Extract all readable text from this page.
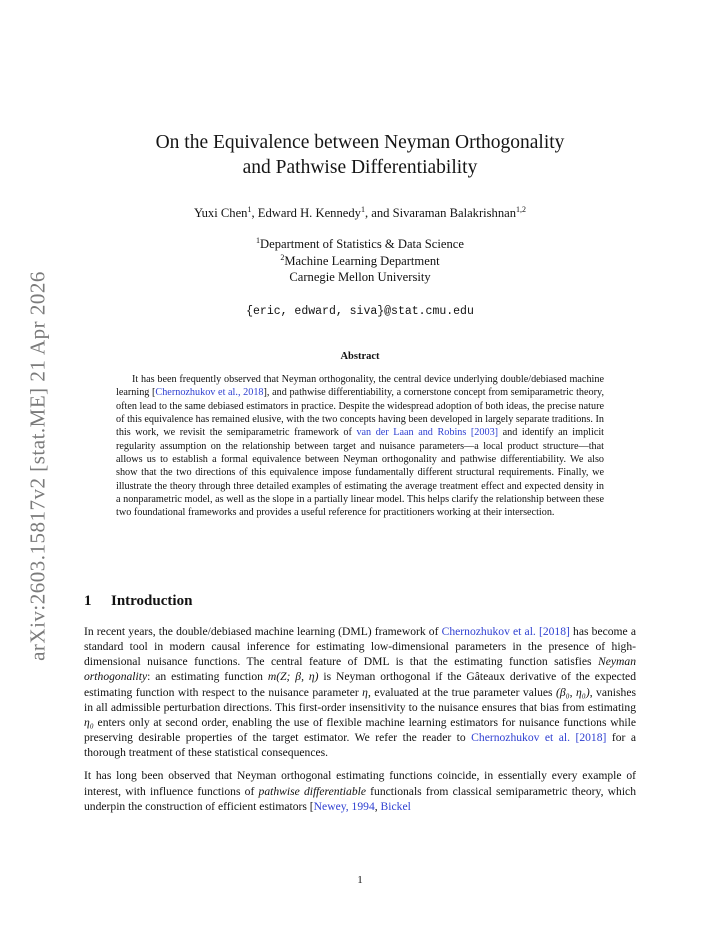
arXiv:2603.15817v2 [stat.ME] 21 Apr 2026
On the Equivalence between Neyman Orthogonality
and Pathwise Differentiability
Yuxi Chen$^1$, Edward H. Kennedy$^1$, and Sivaraman Balakrishnan$^{1,2}$
$^1$Department of Statistics & Data Science
$^2$Machine Learning Department
Carnegie Mellon University
{eric, edward, siva}@stat.cmu.edu
Abstract

It has been frequently observed that Neyman orthogonality, the central device underlying double/debiased machine learning [Chernozhukov et al., 2018], and pathwise differentiability, a cornerstone concept from semiparametric theory, often lead to the same debiased estimators in practice. Despite the widespread adoption of both ideas, the precise nature of this equivalence has remained elusive, with the two concepts having been developed in largely separate traditions. In this work, we revisit the semiparametric framework of van der Laan and Robins [2003] and identify an implicit regularity assumption on the relationship between target and nuisance parameters—a local product structure—that allows us to establish a formal equivalence between Neyman orthogonality and pathwise differentiability. We also show that the two directions of this equivalence impose fundamentally different structural requirements. Finally, we illustrate the theory through three detailed examples of estimating the average treatment effect and expected density in a nonparametric model, as well as the slope in a partially linear model. This helps clarify the relationship between these two foundational frameworks and provides a useful reference for practitioners working at their intersection.

1 Introduction

In recent years, the double/debiased machine learning (DML) framework of Chernozhukov et al. [2018] has become a standard tool in modern causal inference for estimating low-dimensional parameters in the presence of high-dimensional nuisance functions. The central feature of DML is that the estimating function satisfies Neyman orthogonality: an estimating function m(Z; β, η) is Neyman orthogonal if the Gâteaux derivative of the expected estimating function with respect to the nuisance parameter η, evaluated at the true parameter values (β₀, η₀), vanishes in all admissible perturbation directions. This first-order insensitivity to the nuisance ensures that bias from estimating η₀ enters only at second order, enabling the use of flexible machine learning estimators for nuisance functions while preserving desirable properties of the target estimator. We refer the reader to Chernozhukov et al. [2018] for a thorough treatment of these statistical consequences.

It has long been observed that Neyman orthogonal estimating functions coincide, in essentially every example of interest, with influence functions of pathwise differentiable functionals from classical semiparametric theory, which underpin the construction of efficient estimators [Newey, 1994, Bickel

1
